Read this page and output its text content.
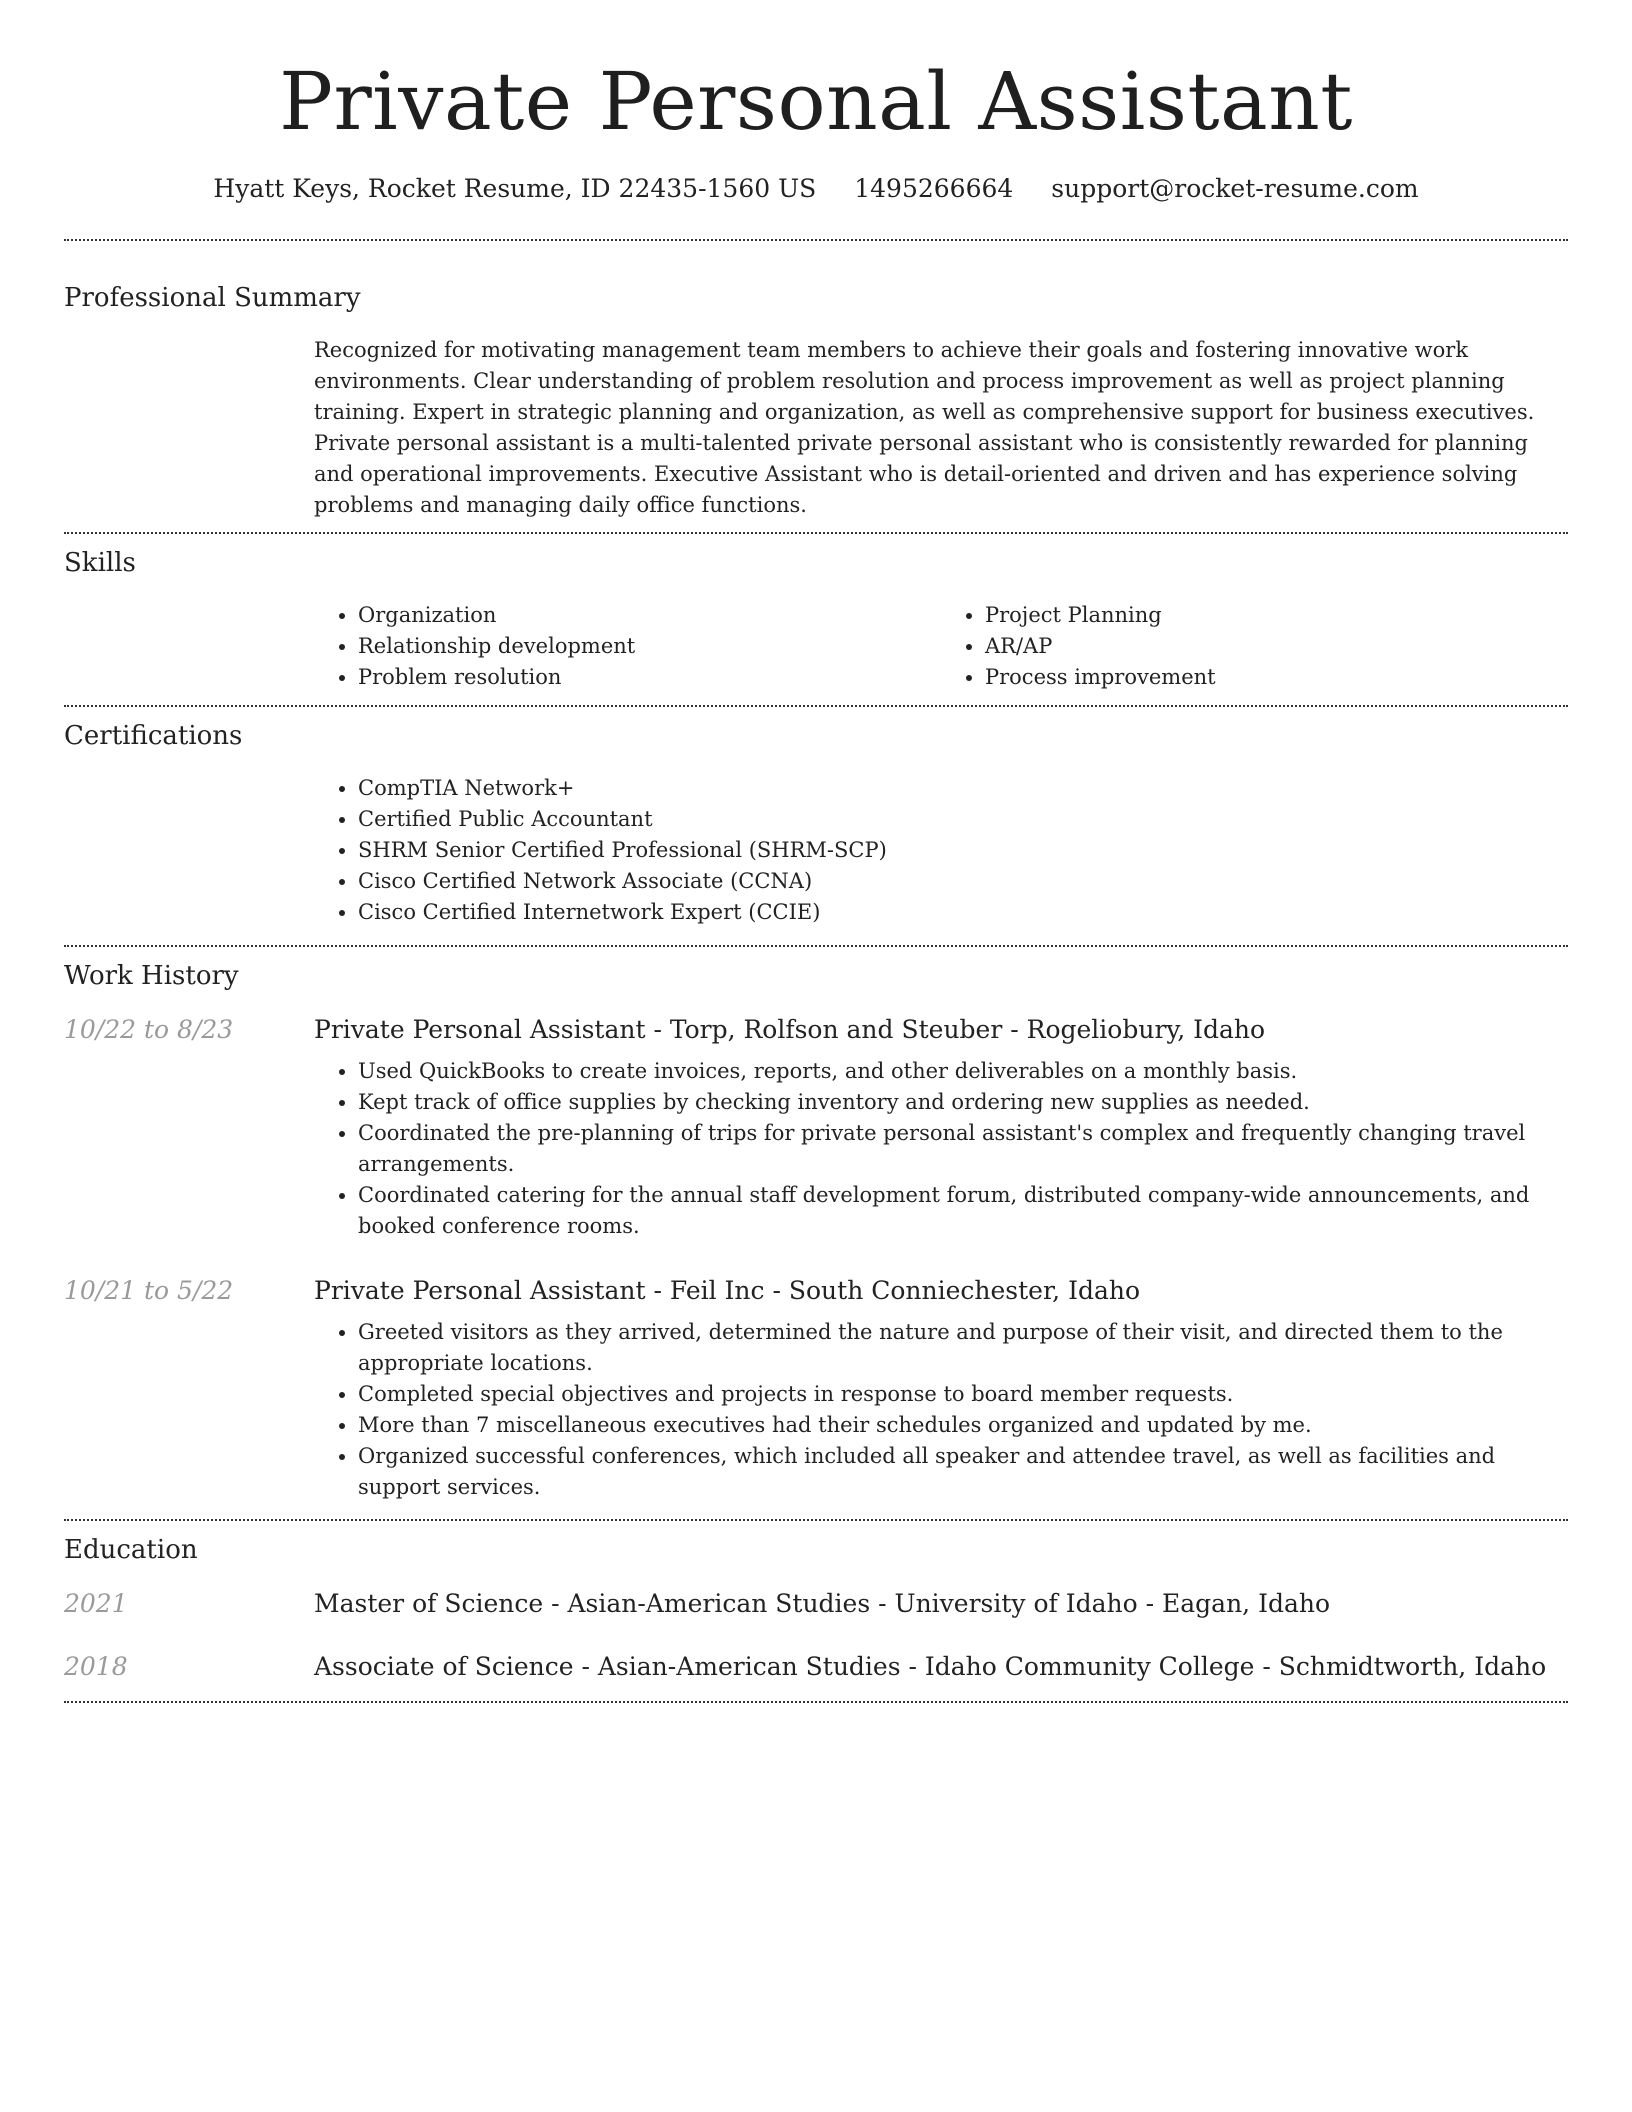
Private Personal Assistant
Hyatt Keys, Rocket Resume, ID 22435-1560 US 1495266664 support@rocket-resume.com
Professional Summary
Recognized for motivating management team members to achieve their goals and fostering innovative work environments. Clear understanding of problem resolution and process improvement as well as project planning training. Expert in strategic planning and organization, as well as comprehensive support for business executives. Private personal assistant is a multi-talented private personal assistant who is consistently rewarded for planning and operational improvements. Executive Assistant who is detail-oriented and driven and has experience solving problems and managing daily office functions.
Skills
• Organization
• Relationship development
• Problem resolution
• Project Planning
• AR/AP
• Process improvement
Certifications
• CompTIA Network+
• Certified Public Accountant
• SHRM Senior Certified Professional (SHRM-SCP)
• Cisco Certified Network Associate (CCNA)
• Cisco Certified Internetwork Expert (CCIE)
Work History
10/22 to 8/23	Private Personal Assistant - Torp, Rolfson and Steuber - Rogeliobury, Idaho
• Used QuickBooks to create invoices, reports, and other deliverables on a monthly basis.
• Kept track of office supplies by checking inventory and ordering new supplies as needed.
• Coordinated the pre-planning of trips for private personal assistant's complex and frequently changing travel arrangements.
• Coordinated catering for the annual staff development forum, distributed company-wide announcements, and booked conference rooms.
10/21 to 5/22	Private Personal Assistant - Feil Inc - South Conniechester, Idaho
• Greeted visitors as they arrived, determined the nature and purpose of their visit, and directed them to the appropriate locations.
• Completed special objectives and projects in response to board member requests.
• More than 7 miscellaneous executives had their schedules organized and updated by me.
• Organized successful conferences, which included all speaker and attendee travel, as well as facilities and support services.
Education
2021	Master of Science - Asian-American Studies - University of Idaho - Eagan, Idaho
2018	Associate of Science - Asian-American Studies - Idaho Community College - Schmidtworth, Idaho
